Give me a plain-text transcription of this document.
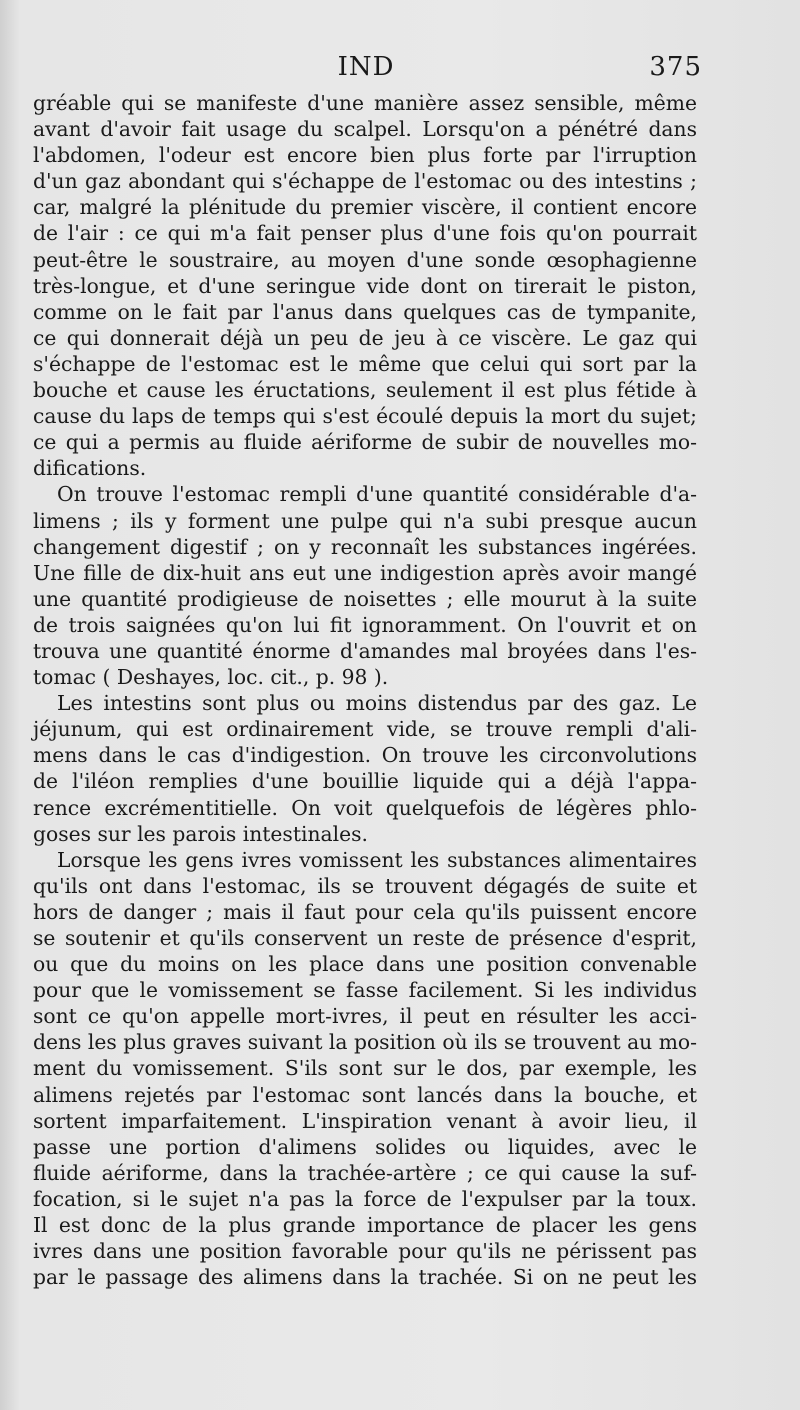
IND	375
gréable qui se manifeste d'une manière assez sensible, même
avant d'avoir fait usage du scalpel. Lorsqu'on a pénétré dans
l'abdomen, l'odeur est encore bien plus forte par l'irruption
d'un gaz abondant qui s'échappe de l'estomac ou des intestins ;
car, malgré la plénitude du premier viscère, il contient encore
de l'air : ce qui m'a fait penser plus d'une fois qu'on pourrait
peut-être le soustraire, au moyen d'une sonde œsophagienne
très-longue, et d'une seringue vide dont on tirerait le piston,
comme on le fait par l'anus dans quelques cas de tympanite,
ce qui donnerait déjà un peu de jeu à ce viscère. Le gaz qui
s'échappe de l'estomac est le même que celui qui sort par la
bouche et cause les éructations, seulement il est plus fétide à
cause du laps de temps qui s'est écoulé depuis la mort du sujet;
ce qui a permis au fluide aériforme de subir de nouvelles mo-
difications.
On trouve l'estomac rempli d'une quantité considérable d'a-
limens ; ils y forment une pulpe qui n'a subi presque aucun
changement digestif ; on y reconnaît les substances ingérées.
Une fille de dix-huit ans eut une indigestion après avoir mangé
une quantité prodigieuse de noisettes ; elle mourut à la suite
de trois saignées qu'on lui fit ignoramment. On l'ouvrit et on
trouva une quantité énorme d'amandes mal broyées dans l'es-
tomac ( Deshayes, loc. cit., p. 98 ).
Les intestins sont plus ou moins distendus par des gaz. Le
jéjunum, qui est ordinairement vide, se trouve rempli d'ali-
mens dans le cas d'indigestion. On trouve les circonvolutions
de l'iléon remplies d'une bouillie liquide qui a déjà l'appa-
rence excrémentitielle. On voit quelquefois de légères phlo-
goses sur les parois intestinales.
Lorsque les gens ivres vomissent les substances alimentaires
qu'ils ont dans l'estomac, ils se trouvent dégagés de suite et
hors de danger ; mais il faut pour cela qu'ils puissent encore
se soutenir et qu'ils conservent un reste de présence d'esprit,
ou que du moins on les place dans une position convenable
pour que le vomissement se fasse facilement. Si les individus
sont ce qu'on appelle mort-ivres, il peut en résulter les acci-
dens les plus graves suivant la position où ils se trouvent au mo-
ment du vomissement. S'ils sont sur le dos, par exemple, les
alimens rejetés par l'estomac sont lancés dans la bouche, et
sortent imparfaitement. L'inspiration venant à avoir lieu, il
passe une portion d'alimens solides ou liquides, avec le
fluide aériforme, dans la trachée-artère ; ce qui cause la suf-
focation, si le sujet n'a pas la force de l'expulser par la toux.
Il est donc de la plus grande importance de placer les gens
ivres dans une position favorable pour qu'ils ne périssent pas
par le passage des alimens dans la trachée. Si on ne peut les
